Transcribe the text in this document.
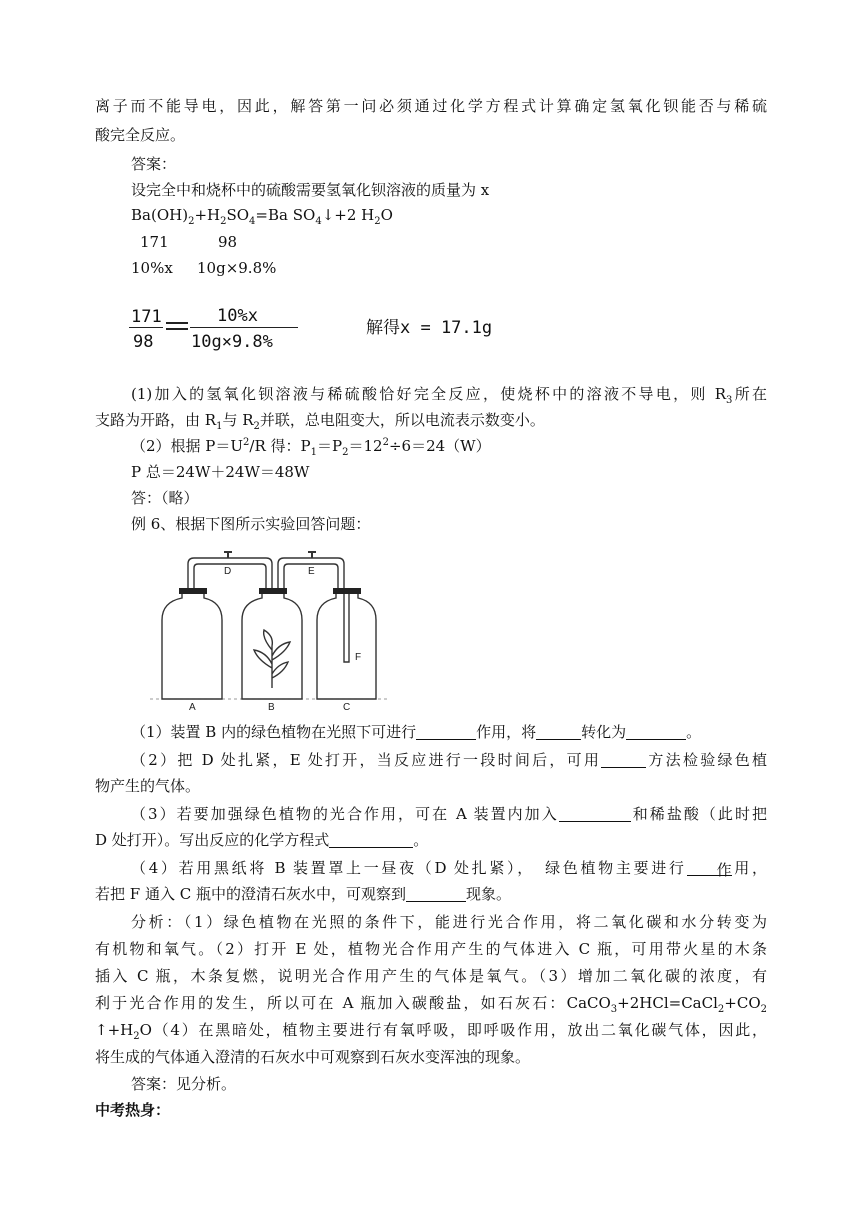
离子而不能导电，因此，解答第一问必须通过化学方程式计算确定氢氧化钡能否与稀硫
酸完全反应。
答案：
设完全中和烧杯中的硫酸需要氢氧化钡溶液的质量为 x
$Ba(OH)_2+H_2SO_4=Ba$ $SO_4↓+2$ $H_2O$
171	98
10%x 10g×9.8%
171
98
10%x
10g×9.8%
解得x = 17.1g
(1)加入的氢氧化钡溶液与稀硫酸恰好完全反应，使烧杯中的溶液不导电，则 $R_3$所在
支路为开路，由 $R_1$与 $R_2$并联，总电阻变大，所以电流表示数变小。
（2）根据 $P=U^2/R$ 得：$P_1=P_2=12^2\div 6=24(W)$
P 总＝24W＋24W＝48W
答：（略）
例 6、根据下图所示实验回答问题：
A	B	C
D	E
F
（1）装置 B 内的绿色植物在光照下可进行	作用，将	转化为	。
（2）把 D 处扎紧，E 处打开，当反应进行一段时间后，可用	方法检验绿色植
物产生的气体。
（3）若要加强绿色植物的光合作用，可在 A 装置内加入	和稀盐酸（此时把
D 处打开）。写出反应的化学方程式	。
（4）若用黑纸将 B 装置罩上一昼夜（D 处扎紧），　绿色植物主要进行 作 用，
若把 F 通入 C 瓶中的澄清石灰水中，可观察到	现象。
分析：（1）绿色植物在光照的条件下，能进行光合作用，将二氧化碳和水分转变为
有机物和氧气。（2）打开 E 处，植物光合作用产生的气体进入 C 瓶，可用带火星的木条
插入 C 瓶，木条复燃，说明光合作用产生的气体是氧气。（3）增加二氧化碳的浓度，有
利于光合作用的发生，所以可在 A 瓶加入碳酸盐，如石灰石：$CaCO_3+2HCl=CaCl_2+CO_2$
$↑+H_2O(4)$在黑暗处，植物主要进行有氧呼吸，即呼吸作用，放出二氧化碳气体，因此，
将生成的气体通入澄清的石灰水中可观察到石灰水变浑浊的现象。
答案：见分析。
中考热身：
